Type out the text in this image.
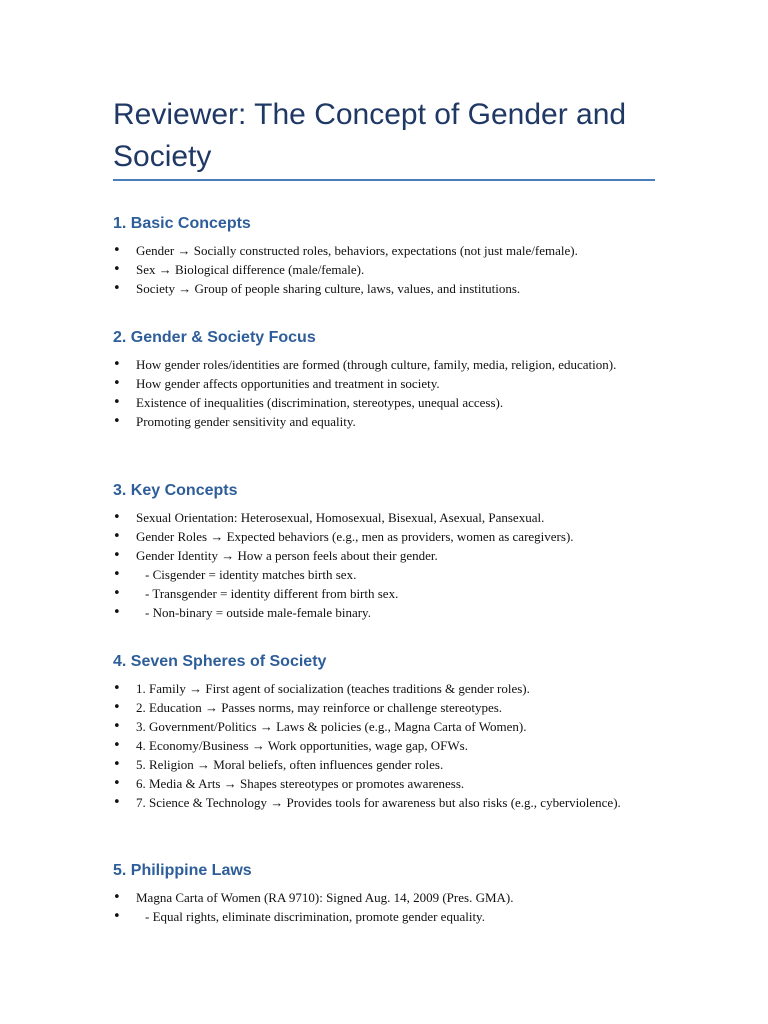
Reviewer: The Concept of Gender and Society
1. Basic Concepts
• Gender → Socially constructed roles, behaviors, expectations (not just male/female).
• Sex → Biological difference (male/female).
• Society → Group of people sharing culture, laws, values, and institutions.
2. Gender & Society Focus
• How gender roles/identities are formed (through culture, family, media, religion, education).
• How gender affects opportunities and treatment in society.
• Existence of inequalities (discrimination, stereotypes, unequal access).
• Promoting gender sensitivity and equality.
3. Key Concepts
• Sexual Orientation: Heterosexual, Homosexual, Bisexual, Asexual, Pansexual.
• Gender Roles → Expected behaviors (e.g., men as providers, women as caregivers).
• Gender Identity → How a person feels about their gender.
•	- Cisgender = identity matches birth sex.
•	- Transgender = identity different from birth sex.
•	- Non-binary = outside male-female binary.
4. Seven Spheres of Society
• 1. Family → First agent of socialization (teaches traditions & gender roles).
• 2. Education → Passes norms, may reinforce or challenge stereotypes.
• 3. Government/Politics → Laws & policies (e.g., Magna Carta of Women).
• 4. Economy/Business → Work opportunities, wage gap, OFWs.
• 5. Religion → Moral beliefs, often influences gender roles.
• 6. Media & Arts → Shapes stereotypes or promotes awareness.
• 7. Science & Technology → Provides tools for awareness but also risks (e.g., cyberviolence).
5. Philippine Laws
• Magna Carta of Women (RA 9710): Signed Aug. 14, 2009 (Pres. GMA).
•	- Equal rights, eliminate discrimination, promote gender equality.
